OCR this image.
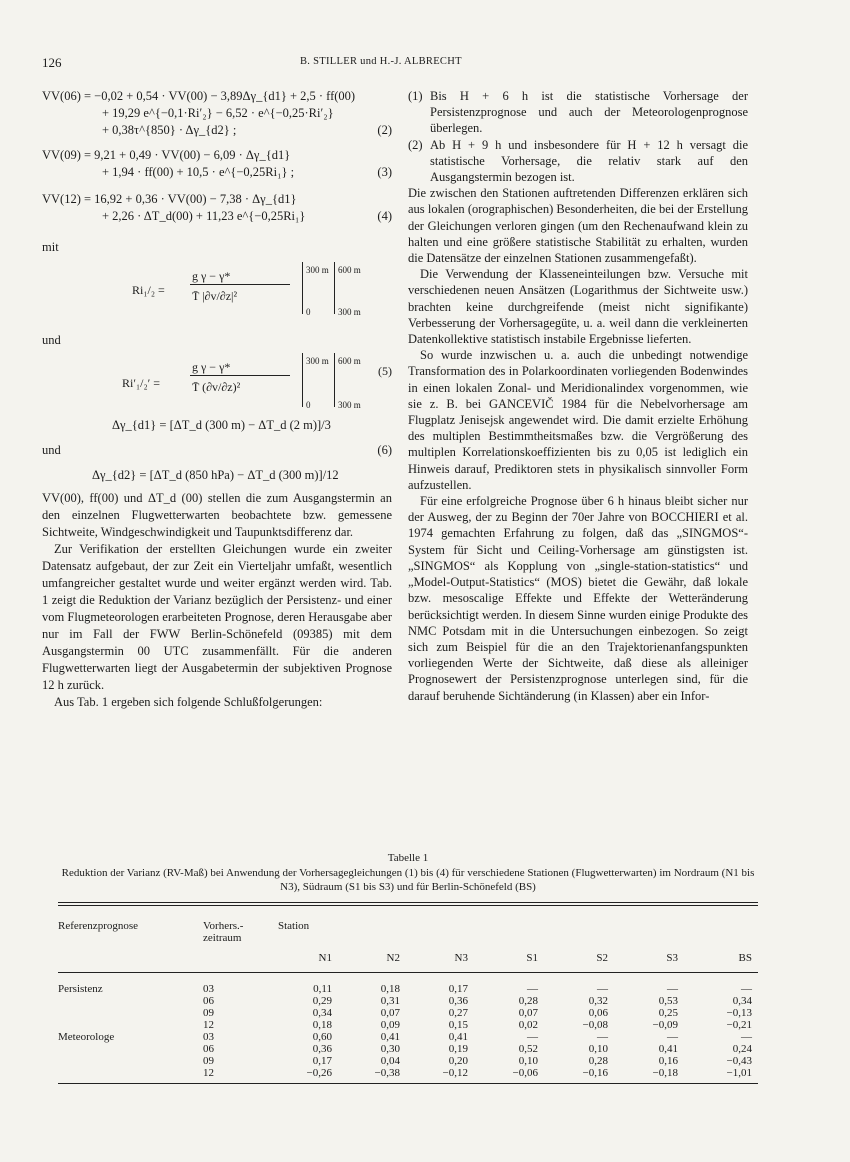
126	B. STILLER und H.-J. ALBRECHT
VV(06) = −0,02 + 0,54 · VV(00) − 3,89Δγ_{d1} + 2,5 · ff(00)
+ 19,29 e^{−0,1·Ri′₂} − 6,52 · e^{−0,25·Ri′₂}
+ 0,38τ^{850} · Δγ_{d2} ;	(2)
VV(09) = 9,21 + 0,49 · VV(00) − 6,09 · Δγ_{d1}
+ 1,94 · ff(00) + 10,5 · e^{−0,25Ri₁} ;	(3)
VV(12) = 16,92 + 0,36 · VV(00) − 7,38 · Δγ_{d1}
+ 2,26 · ΔT_d(00) + 11,23 e^{−0,25Ri₁}	(4)
mit
Ri₁/₂ =
g γ − γ*
T̄ |∂v/∂z|²
300 m 600 m
0	300 m
und
Ri′₁/₂′ =
g γ − γ*
T̄ (∂v/∂z)²
300 m 600 m
0	300 m
(5)
Δγ_{d1} = [ΔT_d (300 m) − ΔT_d (2 m)]/3
und	(6)
Δγ_{d2} = [ΔT_d (850 hPa) − ΔT_d (300 m)]/12

VV(00), ff(00) und ΔT_d (00) stellen die zum Ausgangstermin an den einzelnen Flugwetterwarten beobachtete bzw. gemessene Sichtweite, Windgeschwindigkeit und Taupunktsdifferenz dar.

Zur Verifikation der erstellten Gleichungen wurde ein zweiter Datensatz aufgebaut, der zur Zeit ein Vierteljahr umfaßt, wesentlich umfangreicher gestaltet wurde und weiter ergänzt werden wird. Tab. 1 zeigt die Reduktion der Varianz bezüglich der Persistenz- und einer vom Flugmeteorologen erarbeiteten Prognose, deren Herausgabe aber nur im Fall der FWW Berlin-Schönefeld (09385) mit dem Ausgangstermin 00 UTC zusammenfällt. Für die anderen Flugwetterwarten liegt der Ausgabetermin der subjektiven Prognose 12 h zurück.

Aus Tab. 1 ergeben sich folgende Schlußfolgerungen:

(1) Bis H + 6 h ist die statistische Vorhersage der Persistenzprognose und auch der Meteorologenprognose überlegen.
(2) Ab H + 9 h und insbesondere für H + 12 h versagt die statistische Vorhersage, die relativ stark auf den Ausgangstermin bezogen ist.

Die zwischen den Stationen auftretenden Differenzen erklären sich aus lokalen (orographischen) Besonderheiten, die bei der Erstellung der Gleichungen verloren gingen (um den Rechenaufwand klein zu halten und eine größere statistische Stabilität zu erhalten, wurden die Datensätze der einzelnen Stationen zusammengefaßt).

Die Verwendung der Klasseneinteilungen bzw. Versuche mit verschiedenen neuen Ansätzen (Logarithmus der Sichtweite usw.) brachten keine durchgreifende (meist nicht signifikante) Verbesserung der Vorhersagegüte, u. a. weil dann die verkleinerten Datenkollektive statistisch instabile Ergebnisse lieferten.

So wurde inzwischen u. a. auch die unbedingt notwendige Transformation des in Polarkoordinaten vorliegenden Bodenwindes in einen lokalen Zonal- und Meridionalindex vorgenommen, wie sie z. B. bei GANCEVIČ 1984 für die Nebelvorhersage am Flugplatz Jenisejsk angewendet wird. Die damit erzielte Erhöhung des multiplen Bestimmtheitsmaßes bzw. die Vergrößerung des multiplen Korrelationskoeffizienten bis zu 0,05 ist lediglich ein Hinweis darauf, Prediktoren stets in physikalisch sinnvoller Form aufzustellen.

Für eine erfolgreiche Prognose über 6 h hinaus bleibt sicher nur der Ausweg, der zu Beginn der 70er Jahre von BOCCHIERI et al. 1974 gemachten Erfahrung zu folgen, daß das „SINGMOS“-System für Sicht und Ceiling-Vorhersage am günstigsten ist. „SINGMOS“ als Kopplung von „single-station-statistics“ und „Model-Output-Statistics“ (MOS) bietet die Gewähr, daß lokale bzw. mesoscalige Effekte und Effekte der Wetteränderung berücksichtigt werden. In diesem Sinne wurden einige Produkte des NMC Potsdam mit in die Untersuchungen einbezogen. So zeigt sich zum Beispiel für die an den Trajektorienanfangspunkten vorliegenden Werte der Sichtweite, daß diese als alleiniger Prognosewert der Persistenzprognose unterlegen sind, für die darauf beruhende Sichtänderung (in Klassen) aber ein Infor-

Tabelle 1
Reduktion der Varianz (RV-Maß) bei Anwendung der Vorhersagegleichungen (1) bis (4) für verschiedene Stationen (Flugwetterwarten) im Nordraum (N1 bis N3), Südraum (S1 bis S3) und für Berlin-Schönefeld (BS)
Referenzprognose	Vorhers.-zeitraum	Station						
		N1	N2	N3	S1	S2	S3	BS

Persistenz	03	0,11	0,18	0,17	—	—	—	—
	06	0,29	0,31	0,36	0,28	0,32	0,53	0,34
	09	0,34	0,07	0,27	0,07	0,06	0,25	−0,13
	12	0,18	0,09	0,15	0,02	−0,08	−0,09	−0,21
Meteorologe	03	0,60	0,41	0,41	—	—	—	—
	06	0,36	0,30	0,19	0,52	0,10	0,41	0,24
	09	0,17	0,04	0,20	0,10	0,28	0,16	−0,43
	12	−0,26	−0,38	−0,12	−0,06	−0,16	−0,18	−1,01
